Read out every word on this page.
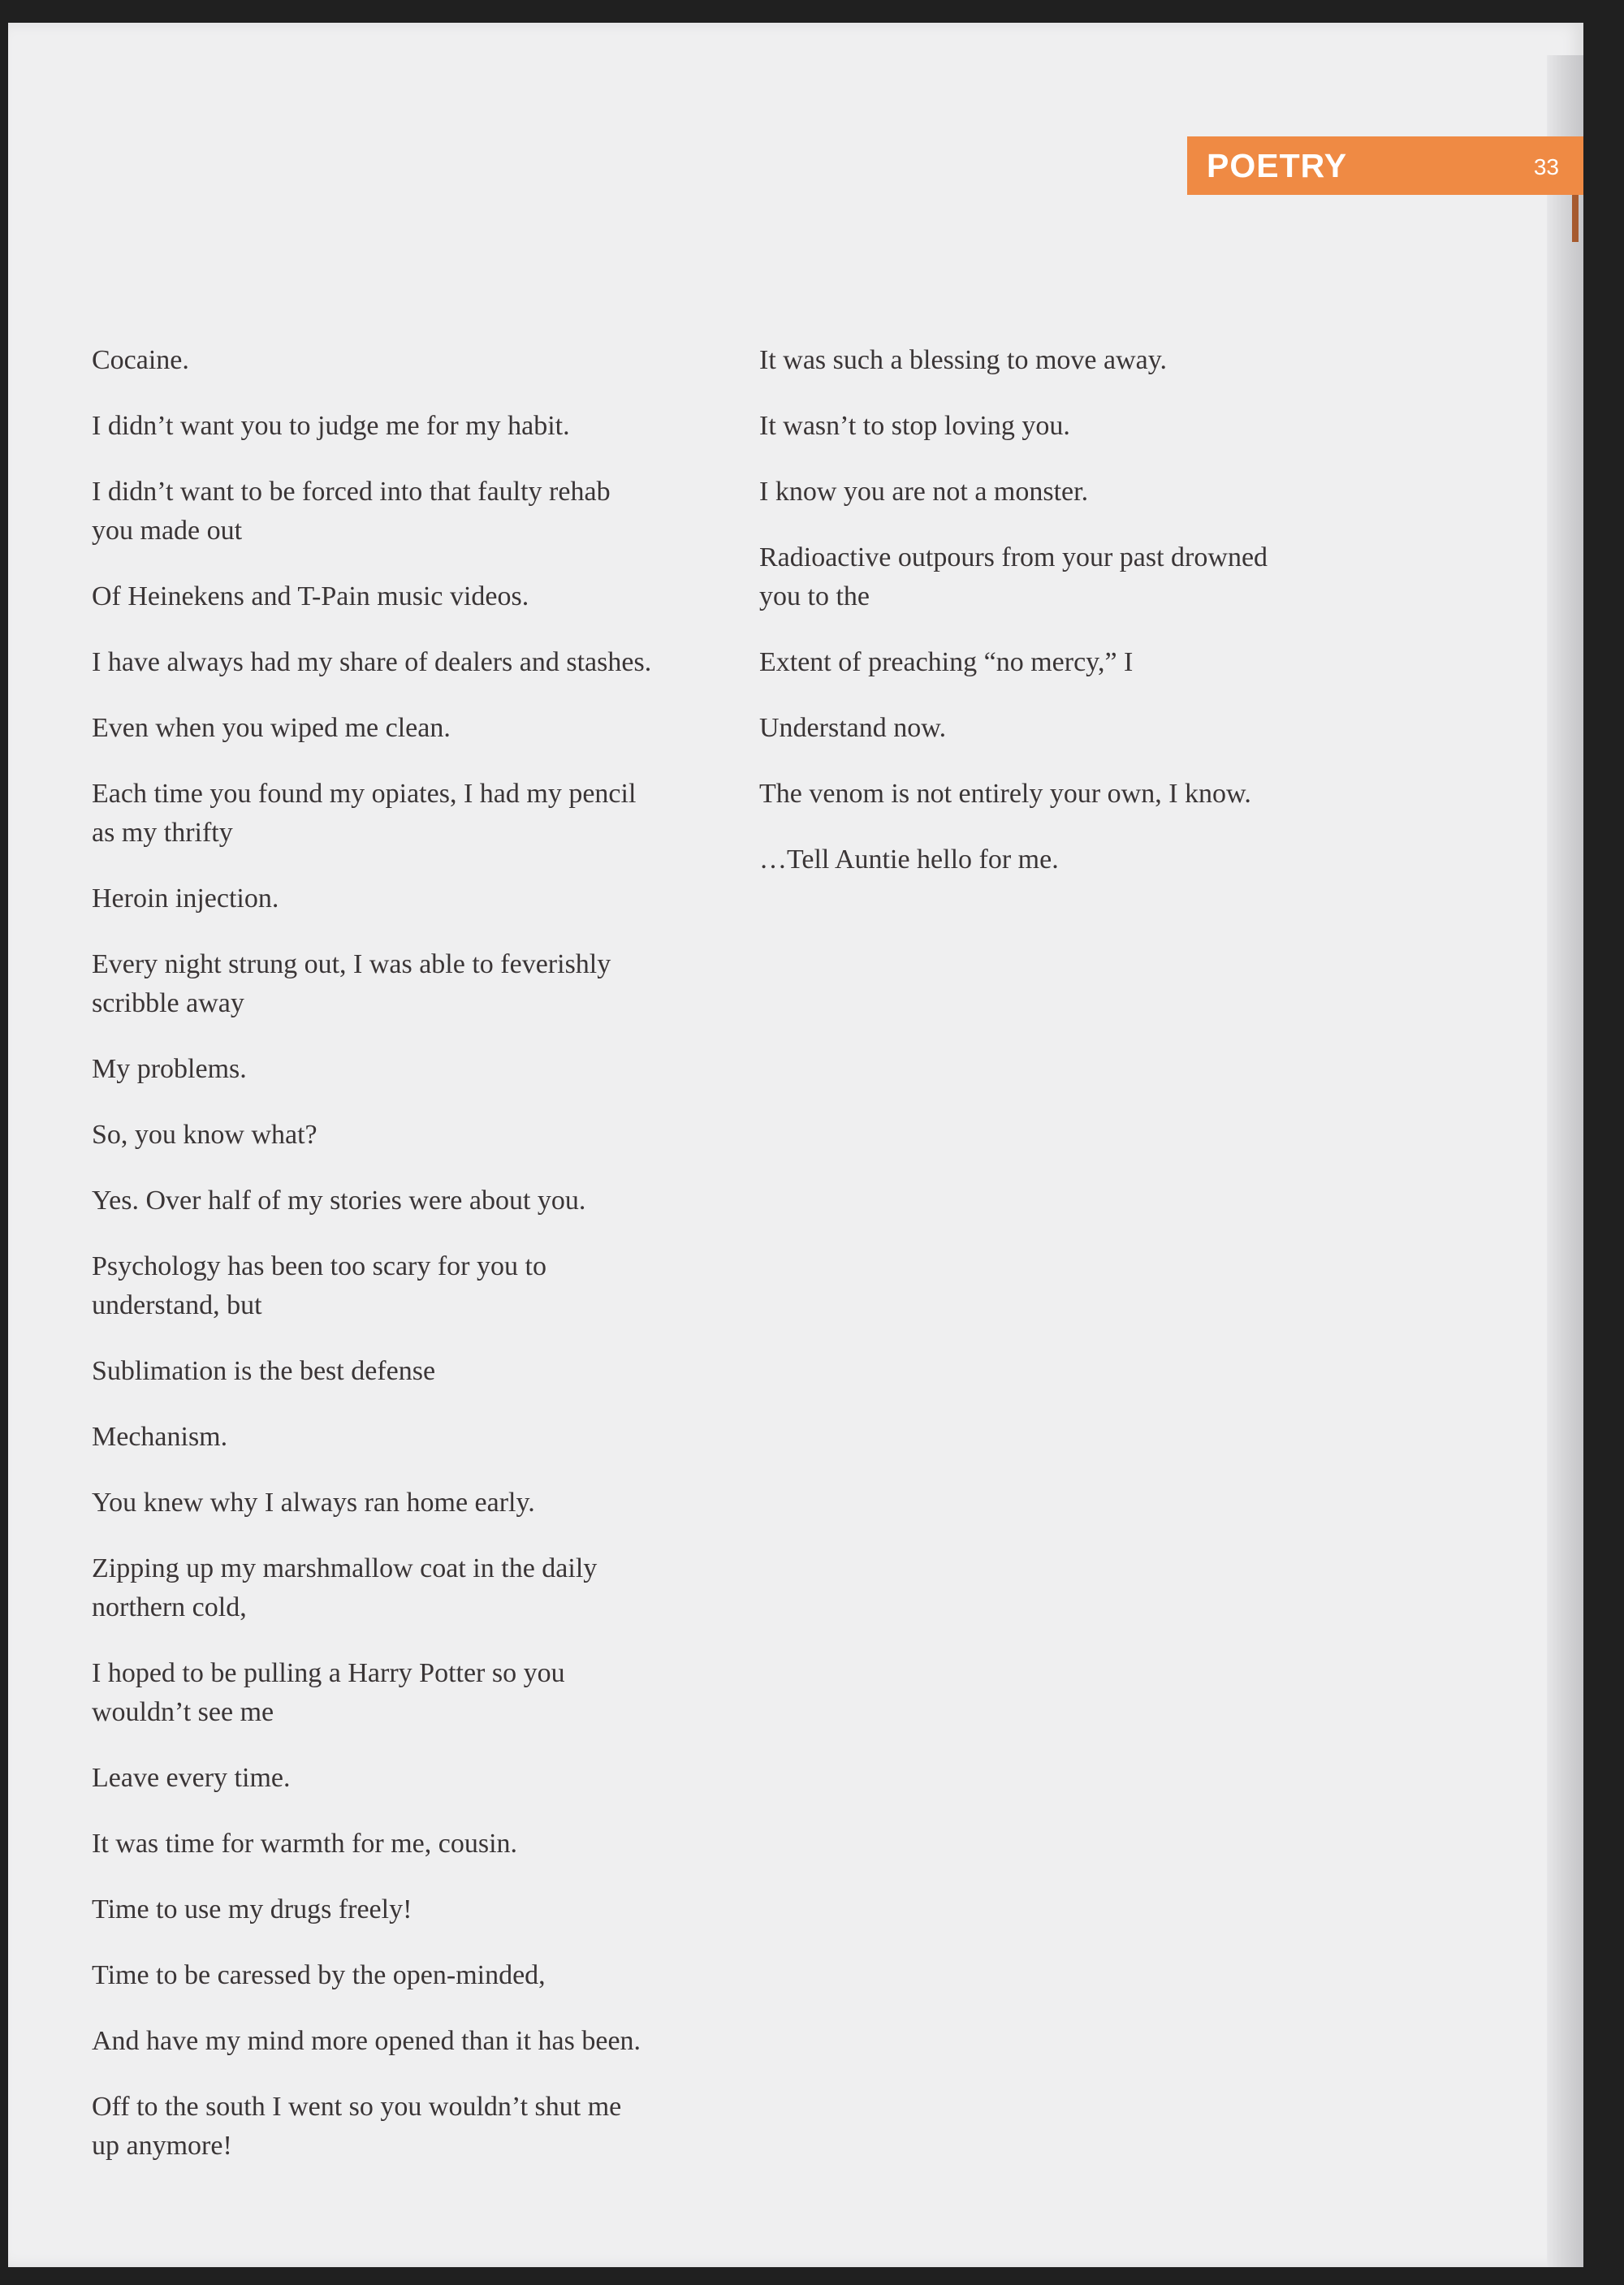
POETRY	33

Cocaine.

I didn’t want you to judge me for my habit.

I didn’t want to be forced into that faulty rehab
you made out

Of Heinekens and T-Pain music videos.

I have always had my share of dealers and stashes.

Even when you wiped me clean.

Each time you found my opiates, I had my pencil
as my thrifty

Heroin injection.

Every night strung out, I was able to feverishly
scribble away

My problems.

So, you know what?

Yes. Over half of my stories were about you.

Psychology has been too scary for you to
understand, but

Sublimation is the best defense

Mechanism.

You knew why I always ran home early.

Zipping up my marshmallow coat in the daily
northern cold,

I hoped to be pulling a Harry Potter so you
wouldn’t see me

Leave every time.

It was time for warmth for me, cousin.

Time to use my drugs freely!

Time to be caressed by the open-minded,

And have my mind more opened than it has been.

Off to the south I went so you wouldn’t shut me
up anymore!

It was such a blessing to move away.

It wasn’t to stop loving you.

I know you are not a monster.

Radioactive outpours from your past drowned
you to the

Extent of preaching “no mercy,” I

Understand now.

The venom is not entirely your own, I know.

…Tell Auntie hello for me.
